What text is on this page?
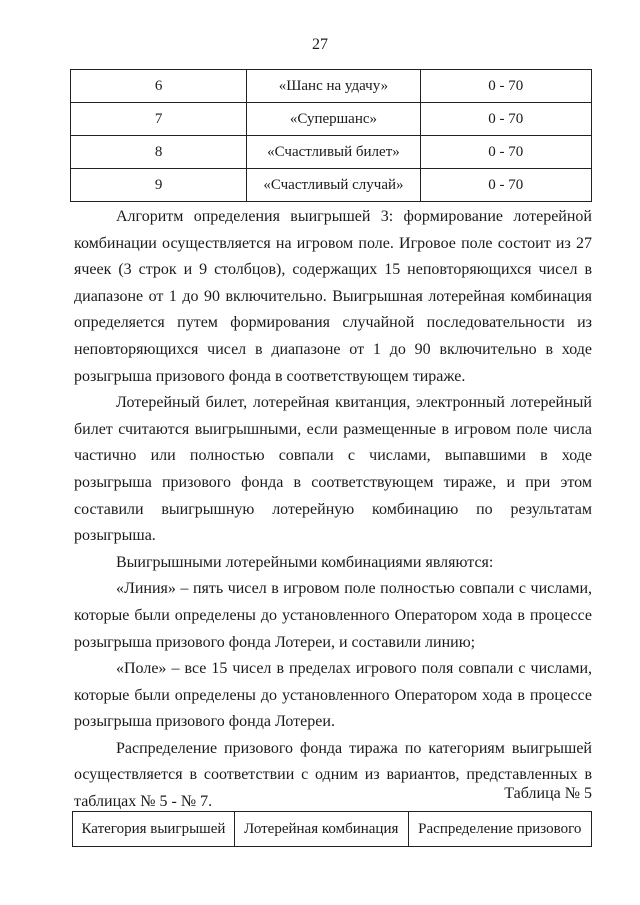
27
6	«Шанс на удачу»	0 - 70
7	«Супершанс»	0 - 70
8	«Счастливый билет»	0 - 70
9	«Счастливый случай»	0 - 70

Алгоритм определения выигрышей 3: формирование лотерейной комбинации осуществляется на игровом поле. Игровое поле состоит из 27 ячеек (3 строк и 9 столбцов), содержащих 15 неповторяющихся чисел в диапазоне от 1 до 90 включительно. Выигрышная лотерейная комбинация определяется путем формирования случайной последовательности из неповторяющихся чисел в диапазоне от 1 до 90 включительно в ходе розыгрыша призового фонда в соответствующем тираже.

Лотерейный билет, лотерейная квитанция, электронный лотерейный билет считаются выигрышными, если размещенные в игровом поле числа частично или полностью совпали с числами, выпавшими в ходе розыгрыша призового фонда в соответствующем тираже, и при этом составили выигрышную лотерейную комбинацию по результатам розыгрыша.

Выигрышными лотерейными комбинациями являются:

«Линия» – пять чисел в игровом поле полностью совпали с числами, которые были определены до установленного Оператором хода в процессе розыгрыша призового фонда Лотереи, и составили линию;

«Поле» – все 15 чисел в пределах игрового поля совпали с числами, которые были определены до установленного Оператором хода в процессе розыгрыша призового фонда Лотереи.

Распределение призового фонда тиража по категориям выигрышей осуществляется в соответствии с одним из вариантов, представленных в таблицах № 5 - № 7.	Таблица № 5
Категория выигрышей	Лотерейная комбинация	Распределение призового
